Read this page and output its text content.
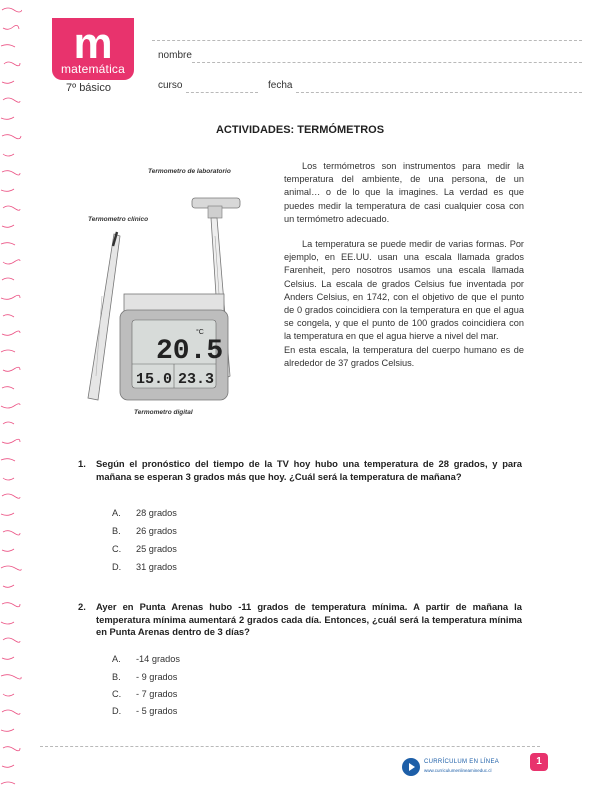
m
matemática
7º básico
nombre
curso	fecha
ACTIVIDADES: TERMÓMETROS
Termometro de laboratorio
Termometro clínico
Termometro digital
20.5
°C
15.0 23.3

Los termómetros son instrumentos para medir la temperatura del ambiente, de una persona, de un animal… o de lo que la imagines. La verdad es que puedes medir la temperatura de casi cualquier cosa con un termómetro adecuado.

La temperatura se puede medir de varias formas. Por ejemplo, en EE.UU. usan una escala llamada grados Farenheit, pero nosotros usamos una escala llamada Celsius. La escala de grados Celsius fue inventada por Anders Celsius, en 1742, con el objetivo de que el punto de 0 grados coincidiera con la temperatura en que el agua se congela, y que el punto de 100 grados coincidiera con la temperatura en que el agua hierve a nivel del mar.

En esta escala, la temperatura del cuerpo humano es de alrededor de 37 grados Celsius.

1. Según el pronóstico del tiempo de la TV hoy hubo una temperatura de 28 grados, y para mañana se esperan 3 grados más que hoy. ¿Cuál será la temperatura de mañana?
A. 28 grados
B. 26 grados
C. 25 grados
D. 31 grados
2. Ayer en Punta Arenas hubo -11 grados de temperatura mínima. A partir de mañana la temperatura mínima aumentará 2 grados cada día. Entonces, ¿cuál será la temperatura mínima en Punta Arenas dentro de 3 días?
A. -14 grados
B. - 9 grados
C. - 7 grados
D. - 5 grados
CURRÍCULUM EN LÍNEA
www.curriculumenlineamineduc.cl
1
